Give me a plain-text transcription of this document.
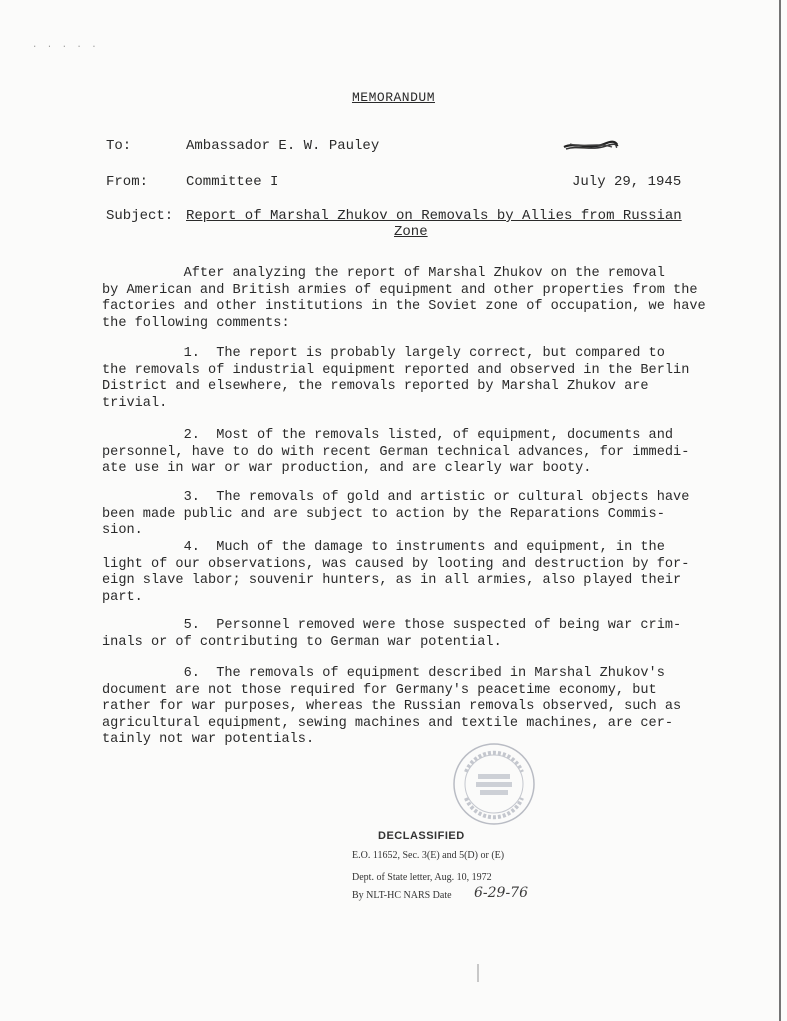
· · · · ·
MEMORANDUM
To:	Ambassador E. W. Pauley
From:	Committee I	July 29, 1945
Subject: Report of Marshal Zhukov on Removals by Allies from Russian
Zone
After analyzing the report of Marshal Zhukov on the removal
by American and British armies of equipment and other properties from the
factories and other institutions in the Soviet zone of occupation, we have
the following comments:
1.  The report is probably largely correct, but compared to
the removals of industrial equipment reported and observed in the Berlin
District and elsewhere, the removals reported by Marshal Zhukov are
trivial.
2.  Most of the removals listed, of equipment, documents and
personnel, have to do with recent German technical advances, for immedi-
ate use in war or war production, and are clearly war booty.
3.  The removals of gold and artistic or cultural objects have
been made public and are subject to action by the Reparations Commis-
sion.
4.  Much of the damage to instruments and equipment, in the
light of our observations, was caused by looting and destruction by for-
eign slave labor; souvenir hunters, as in all armies, also played their
part.
5.  Personnel removed were those suspected of being war crim-
inals or of contributing to German war potential.
6.  The removals of equipment described in Marshal Zhukov's
document are not those required for Germany's peacetime economy, but
rather for war purposes, whereas the Russian removals observed, such as
agricultural equipment, sewing machines and textile machines, are cer-
tainly not war potentials.
DECLASSIFIED
E.O. 11652, Sec. 3(E) and 5(D) or (E)
Dept. of State letter, Aug. 10, 1972
By NLT-HC NARS Date 6-29-76
